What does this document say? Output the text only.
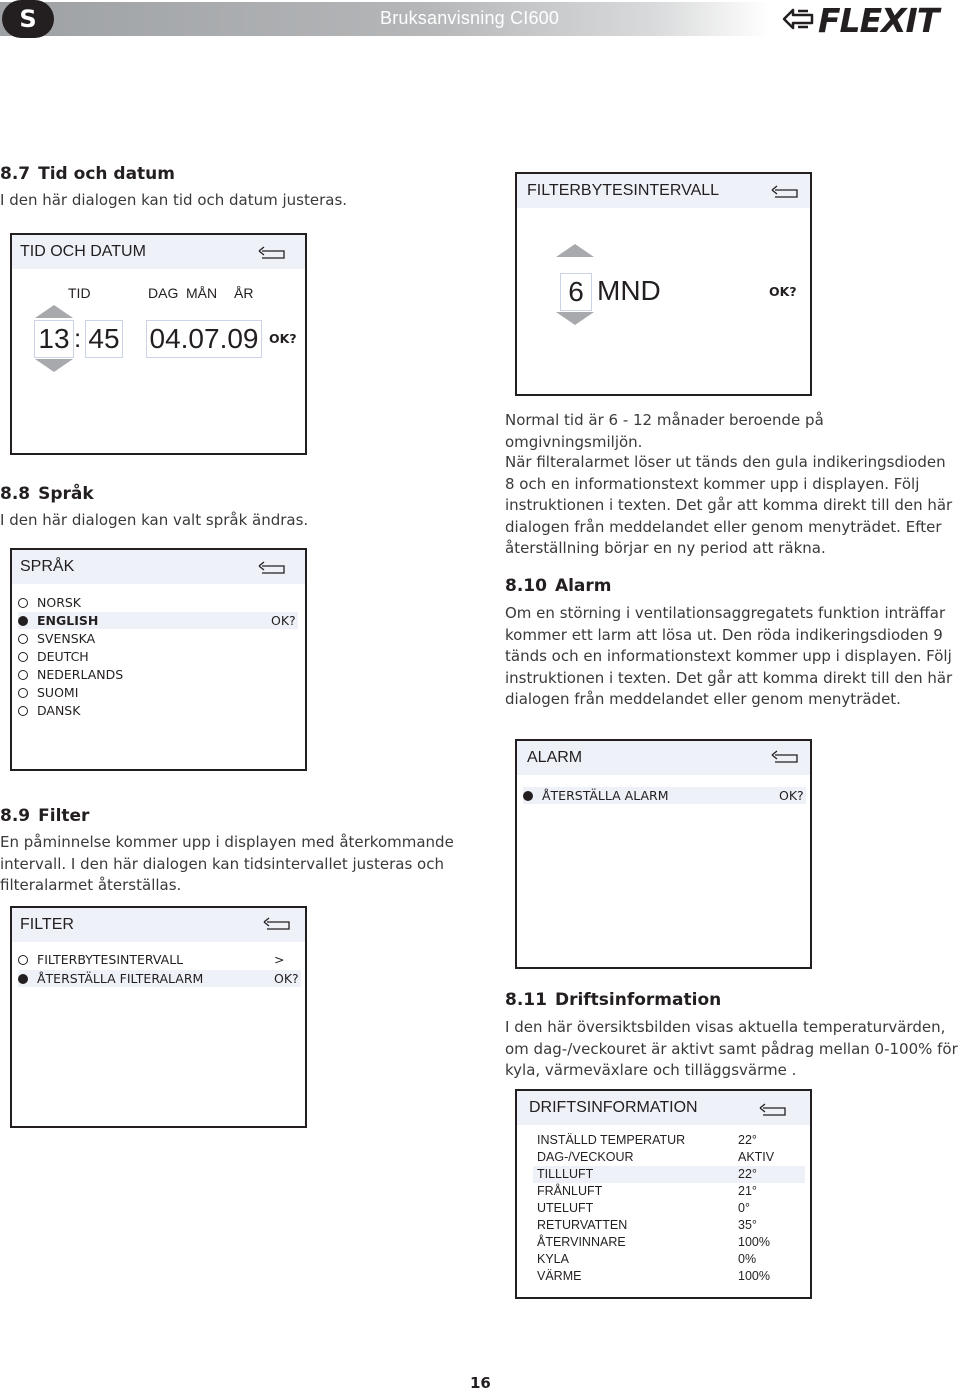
S	Bruksanvisning CI600	FLEXIT
8.7 Tid och datum
I den här dialogen kan tid och datum justeras.
TID OCH DATUM
TID	DAG MÅN ÅR
13 : 45 04.07.09 OK?
8.8 Språk
I den här dialogen kan valt språk ändras.
SPRÅK
NORSK
ENGLISH	OK?
SVENSKA
DEUTCH
NEDERLANDS
SUOMI
DANSK
8.9 Filter
En påminnelse kommer upp i displayen med återkommande
intervall. I den här dialogen kan tidsintervallet justeras och
filteralarmet återställas.
FILTER
FILTERBYTESINTERVALL	>
ÅTERSTÄLLA FILTERALARM	OK?
FILTERBYTESINTERVALL
6 MND	OK?
Normal tid är 6 - 12 månader beroende på omgivningsmiljön.
När filteralarmet löser ut tänds den gula indikeringsdioden
8 och en informationstext kommer upp i displayen. Följ
instruktionen i texten. Det går att komma direkt till den här
dialogen från meddelandet eller genom menyträdet. Efter
återställning börjar en ny period att räkna.
8.10 Alarm
Om en störning i ventilationsaggregatets funktion inträffar
kommer ett larm att lösa ut. Den röda indikeringsdioden 9
tänds och en informationstext kommer upp i displayen. Följ
instruktionen i texten. Det går att komma direkt till den här
dialogen från meddelandet eller genom menyträdet.
ALARM
ÅTERSTÄLLA ALARM	OK?
8.11 Driftsinformation
I den här översiktsbilden visas aktuella temperaturvärden,
om dag-/veckouret är aktivt samt pådrag mellan 0-100% för
kyla, värmeväxlare och tilläggsvärme .
DRIFTSINFORMATION
INSTÄLLD TEMPERATUR	22°
DAG-/VECKOUR	AKTIV
TILLLUFT	22°
FRÅNLUFT	21°
UTELUFT	0°
RETURVATTEN	35°
ÅTERVINNARE	100%
KYLA	0%
VÄRME	100%
16
